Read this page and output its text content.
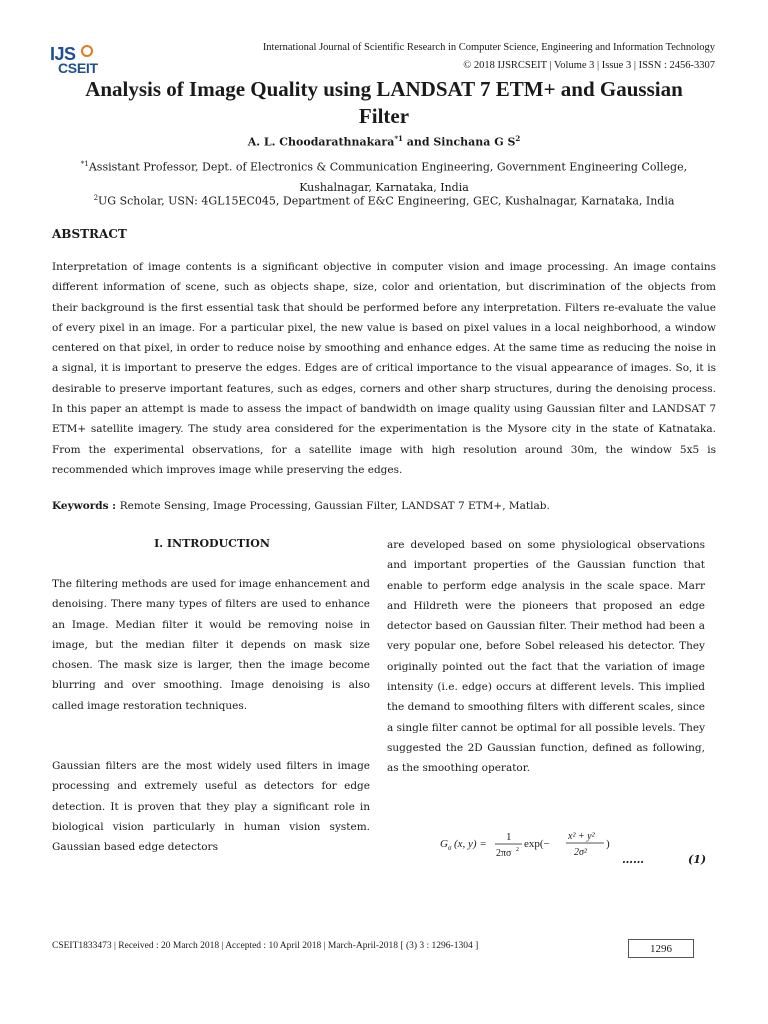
IJS
CSEIT
International Journal of Scientific Research in Computer Science, Engineering and Information Technology
© 2018 IJSRCSEIT | Volume 3 | Issue 3 | ISSN : 2456-3307
Analysis of Image Quality using LANDSAT 7 ETM+ and Gaussian
Filter
A. L. Choodarathnakara$^{*1}$ and Sinchana G $S^2$
$^{*1}$Assistant Professor, Dept. of Electronics & Communication Engineering, Government Engineering College,
Kushalnagar, Karnataka, India
$^2$UG Scholar, USN: 4GL15EC045, Department of E&C Engineering, GEC, Kushalnagar, Karnataka, India
ABSTRACT
Interpretation of image contents is a significant objective in computer vision and image processing. An image contains different information of scene, such as objects shape, size, color and orientation, but discrimination of the objects from their background is the first essential task that should be performed before any interpretation. Filters re-evaluate the value of every pixel in an image. For a particular pixel, the new value is based on pixel values in a local neighborhood, a window centered on that pixel, in order to reduce noise by smoothing and enhance edges. At the same time as reducing the noise in a signal, it is important to preserve the edges. Edges are of critical importance to the visual appearance of images. So, it is desirable to preserve important features, such as edges, corners and other sharp structures, during the denoising process. In this paper an attempt is made to assess the impact of bandwidth on image quality using Gaussian filter and LANDSAT 7 ETM+ satellite imagery. The study area considered for the experimentation is the Mysore city in the state of Katnataka. From the experimental observations, for a satellite image with high resolution around 30m, the window 5x5 is recommended which improves image while preserving the edges.
Keywords : Remote Sensing, Image Processing, Gaussian Filter, LANDSAT 7 ETM+, Matlab.
I. INTRODUCTION
The filtering methods are used for image enhancement and denoising. There many types of filters are used to enhance an Image. Median filter it would be removing noise in image, but the median filter it depends on mask size chosen. The mask size is larger, then the image become blurring and over smoothing. Image denoising is also called image restoration techniques.
Gaussian filters are the most widely used filters in image processing and extremely useful as detectors for edge detection. It is proven that they play a significant role in biological vision particularly in human vision system. Gaussian based edge detectors
are developed based on some physiological observations and important properties of the Gaussian function that enable to perform edge analysis in the scale space. Marr and Hildreth were the pioneers that proposed an edge detector based on Gaussian filter. Their method had been a very popular one, before Sobel released his detector. They originally pointed out the fact that the variation of image intensity (i.e. edge) occurs at different levels. This implied the demand to smoothing filters with different scales, since a single filter cannot be optimal for all possible levels. They suggested the 2D Gaussian function, defined as following, as the smoothing operator.
G σ (x, y) =
1
2πσ 2 exp(−
x² + y²
2σ²
)
……	(1)
CSEIT1833473 | Received : 20 March 2018 | Accepted : 10 April 2018 | March-April-2018 [ (3) 3 : 1296-1304 ]	1296
